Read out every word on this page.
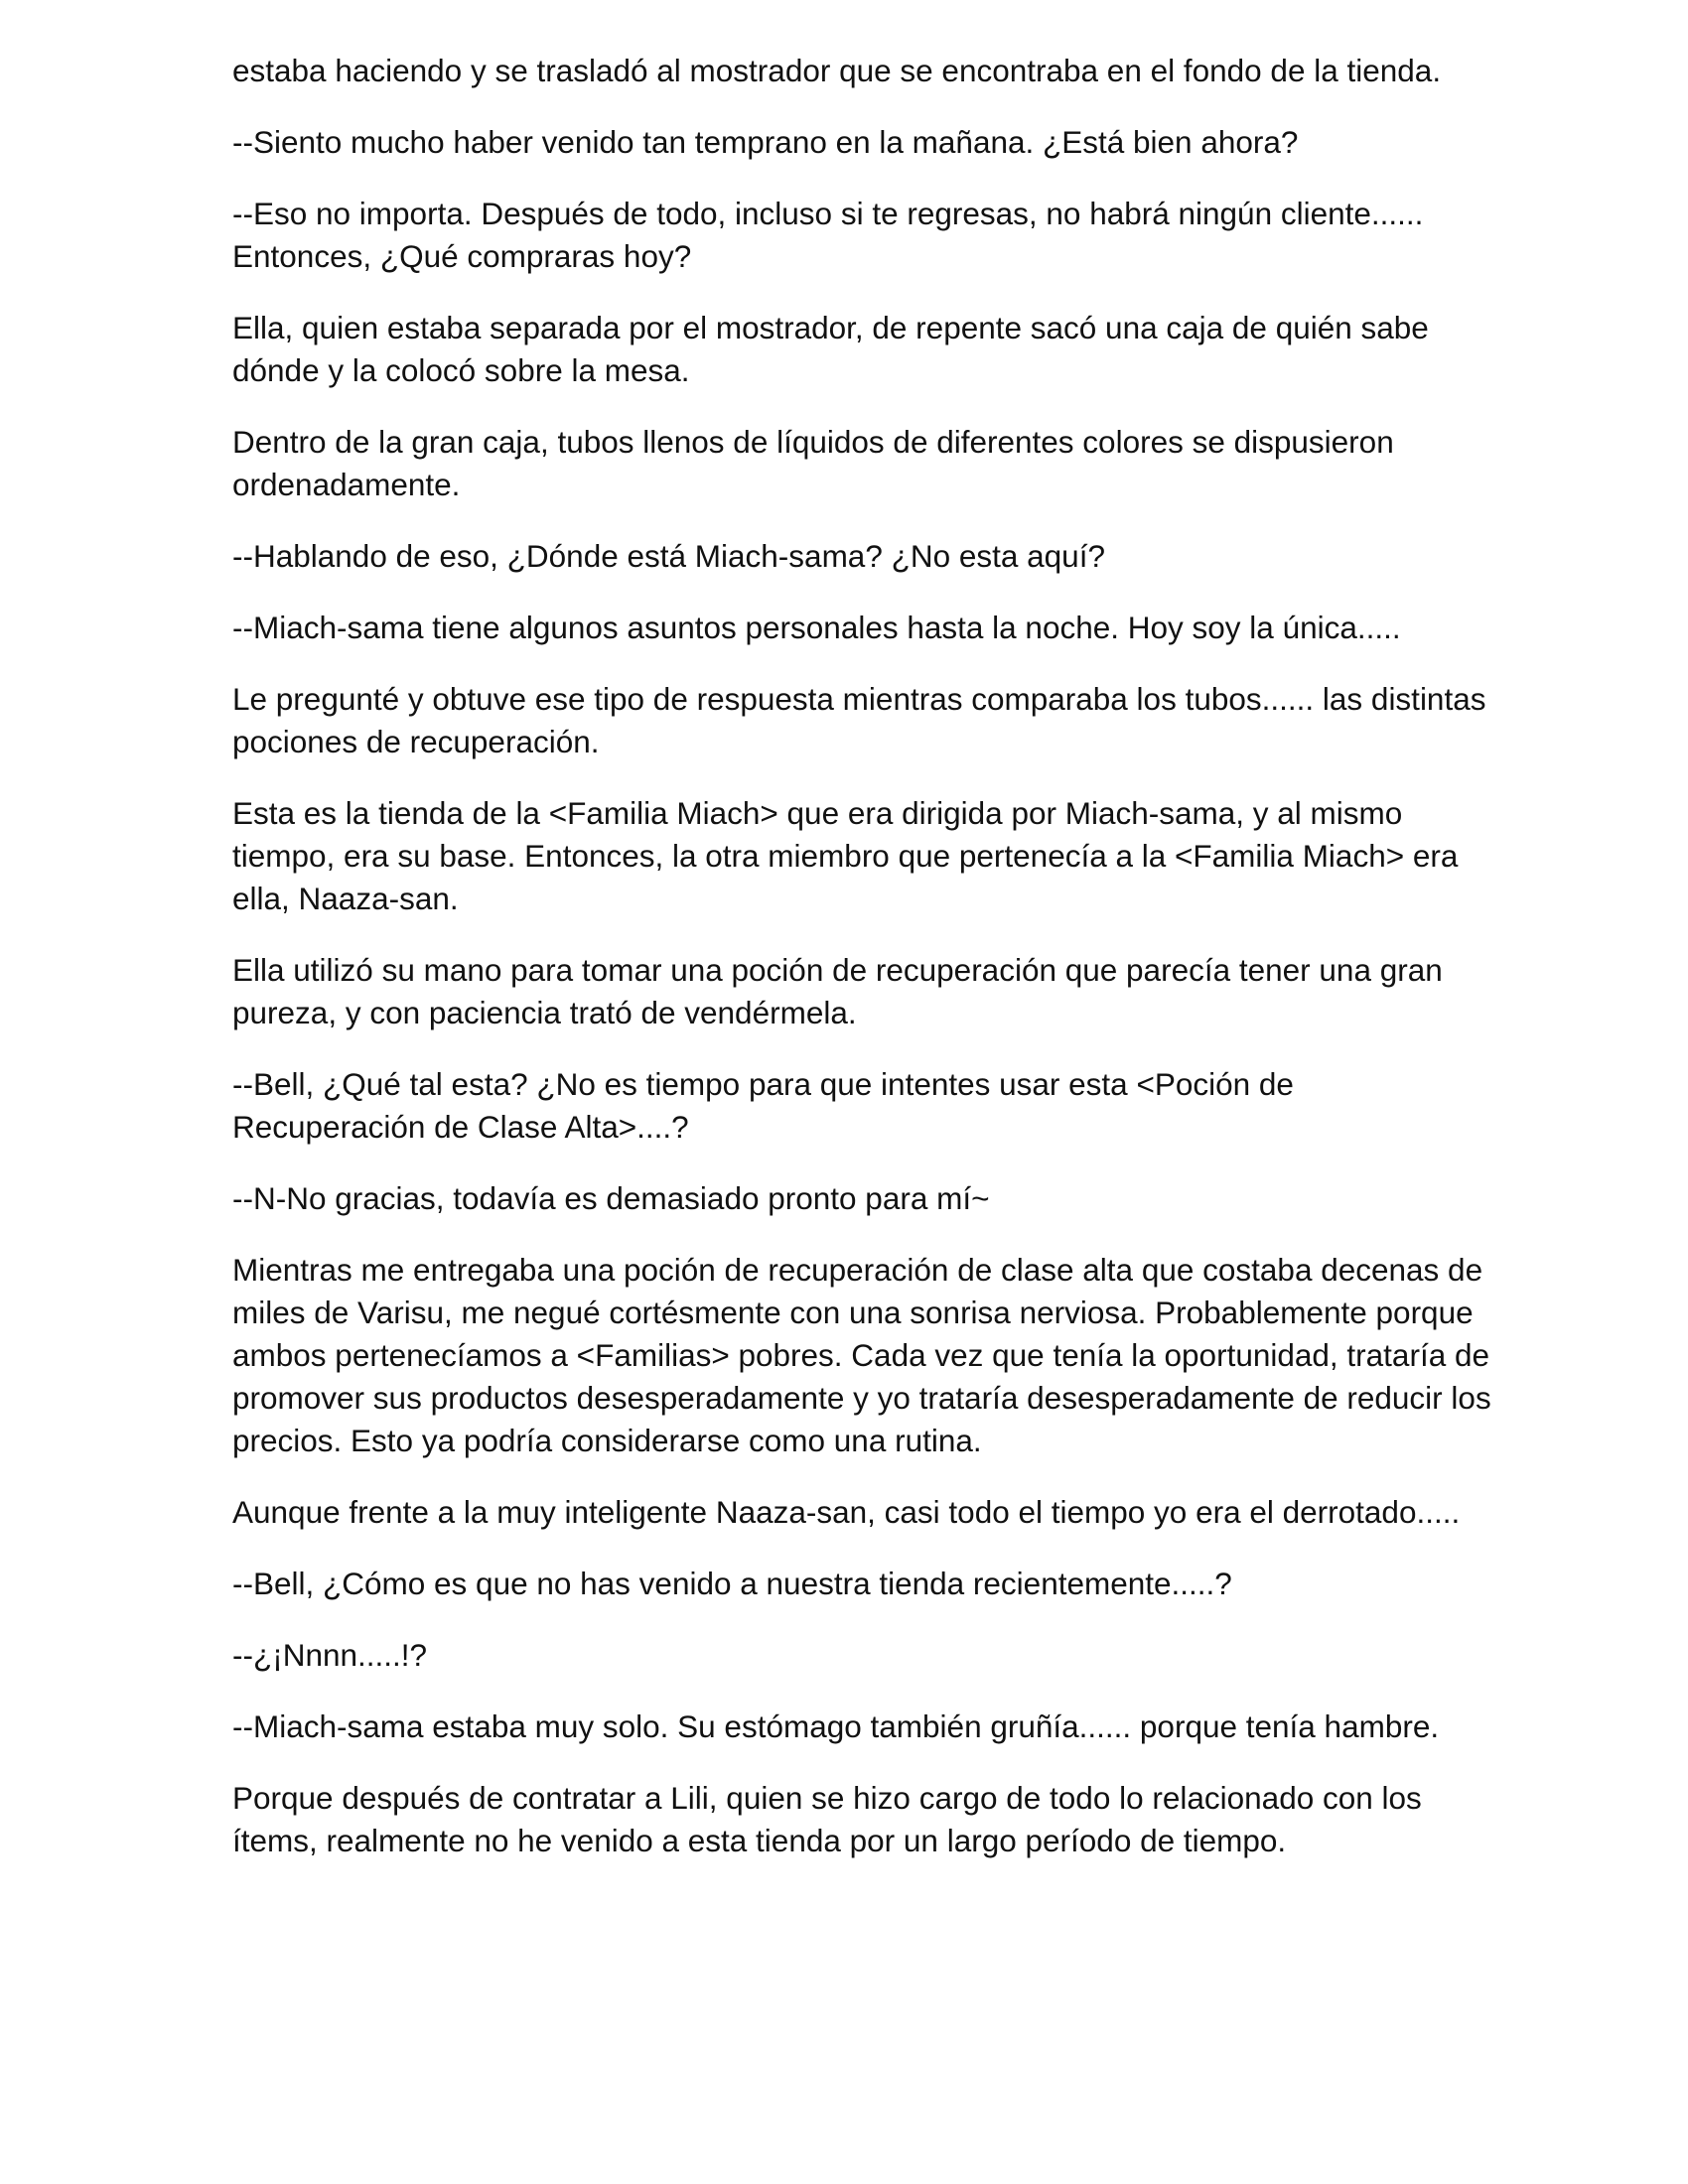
estaba haciendo y se trasladó al mostrador que se encontraba en el fondo de la tienda.

--Siento mucho haber venido tan temprano en la mañana. ¿Está bien ahora?

--Eso no importa. Después de todo, incluso si te regresas, no habrá ningún cliente...... Entonces, ¿Qué compraras hoy?

Ella, quien estaba separada por el mostrador, de repente sacó una caja de quién sabe dónde y la colocó sobre la mesa.

Dentro de la gran caja, tubos llenos de líquidos de diferentes colores se dispusieron ordenadamente.

--Hablando de eso, ¿Dónde está Miach-sama? ¿No esta aquí?

--Miach-sama tiene algunos asuntos personales hasta la noche. Hoy soy la única.....

Le pregunté y obtuve ese tipo de respuesta mientras comparaba los tubos...... las distintas pociones de recuperación.

Esta es la tienda de la <Familia Miach> que era dirigida por Miach-sama, y al mismo tiempo, era su base. Entonces, la otra miembro que pertenecía a la <Familia Miach> era ella, Naaza-san.

Ella utilizó su mano para tomar una poción de recuperación que parecía tener una gran pureza, y con paciencia trató de vendérmela.

--Bell, ¿Qué tal esta? ¿No es tiempo para que intentes usar esta <Poción de Recuperación de Clase Alta>....?

--N-No gracias, todavía es demasiado pronto para mí~

Mientras me entregaba una poción de recuperación de clase alta que costaba decenas de miles de Varisu, me negué cortésmente con una sonrisa nerviosa. Probablemente porque ambos pertenecíamos a <Familias> pobres. Cada vez que tenía la oportunidad, trataría de promover sus productos desesperadamente y yo trataría desesperadamente de reducir los precios. Esto ya podría considerarse como una rutina.

Aunque frente a la muy inteligente Naaza-san, casi todo el tiempo yo era el derrotado.....

--Bell, ¿Cómo es que no has venido a nuestra tienda recientemente.....?

--¿¡Nnnn.....!?

--Miach-sama estaba muy solo. Su estómago también gruñía...... porque tenía hambre.

Porque después de contratar a Lili, quien se hizo cargo de todo lo relacionado con los ítems, realmente no he venido a esta tienda por un largo período de tiempo.
